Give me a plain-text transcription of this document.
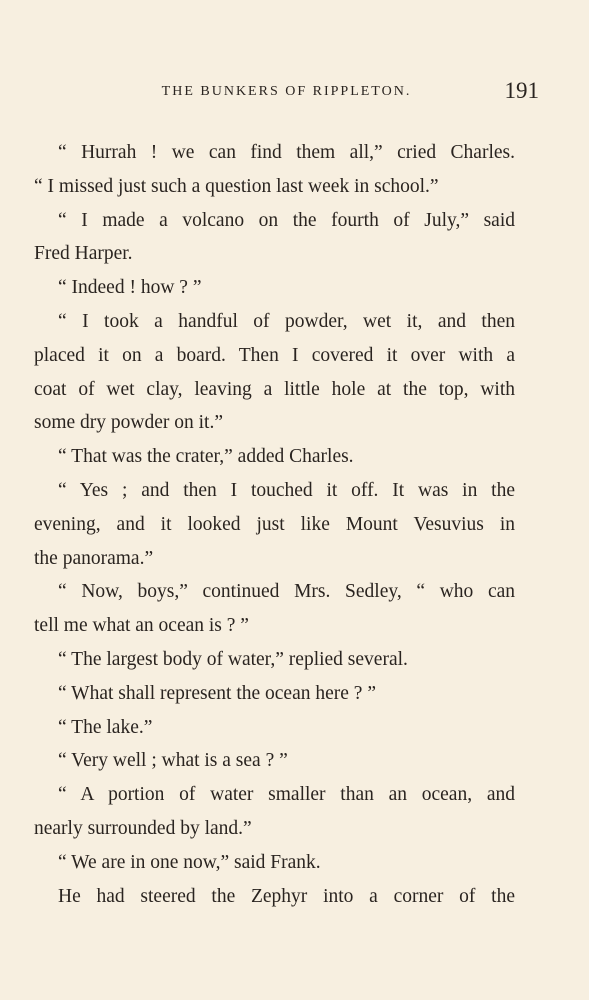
THE BUNKERS OF RIPPLETON.	191
“ Hurrah ! we can find them all,” cried Charles.
“ I missed just such a question last week in school.”
“ I made a volcano on the fourth of July,” said
Fred Harper.
“ Indeed ! how ? ”
“ I took a handful of powder, wet it, and then
placed it on a board. Then I covered it over with a
coat of wet clay, leaving a little hole at the top, with
some dry powder on it.”
“ That was the crater,” added Charles.
“ Yes ; and then I touched it off. It was in the
evening, and it looked just like Mount Vesuvius in
the panorama.”
“ Now, boys,” continued Mrs. Sedley, “ who can
tell me what an ocean is ? ”
“ The largest body of water,” replied several.
“ What shall represent the ocean here ? ”
“ The lake.”
“ Very well ; what is a sea ? ”
“ A portion of water smaller than an ocean, and
nearly surrounded by land.”
“ We are in one now,” said Frank.
He had steered the Zephyr into a corner of the
